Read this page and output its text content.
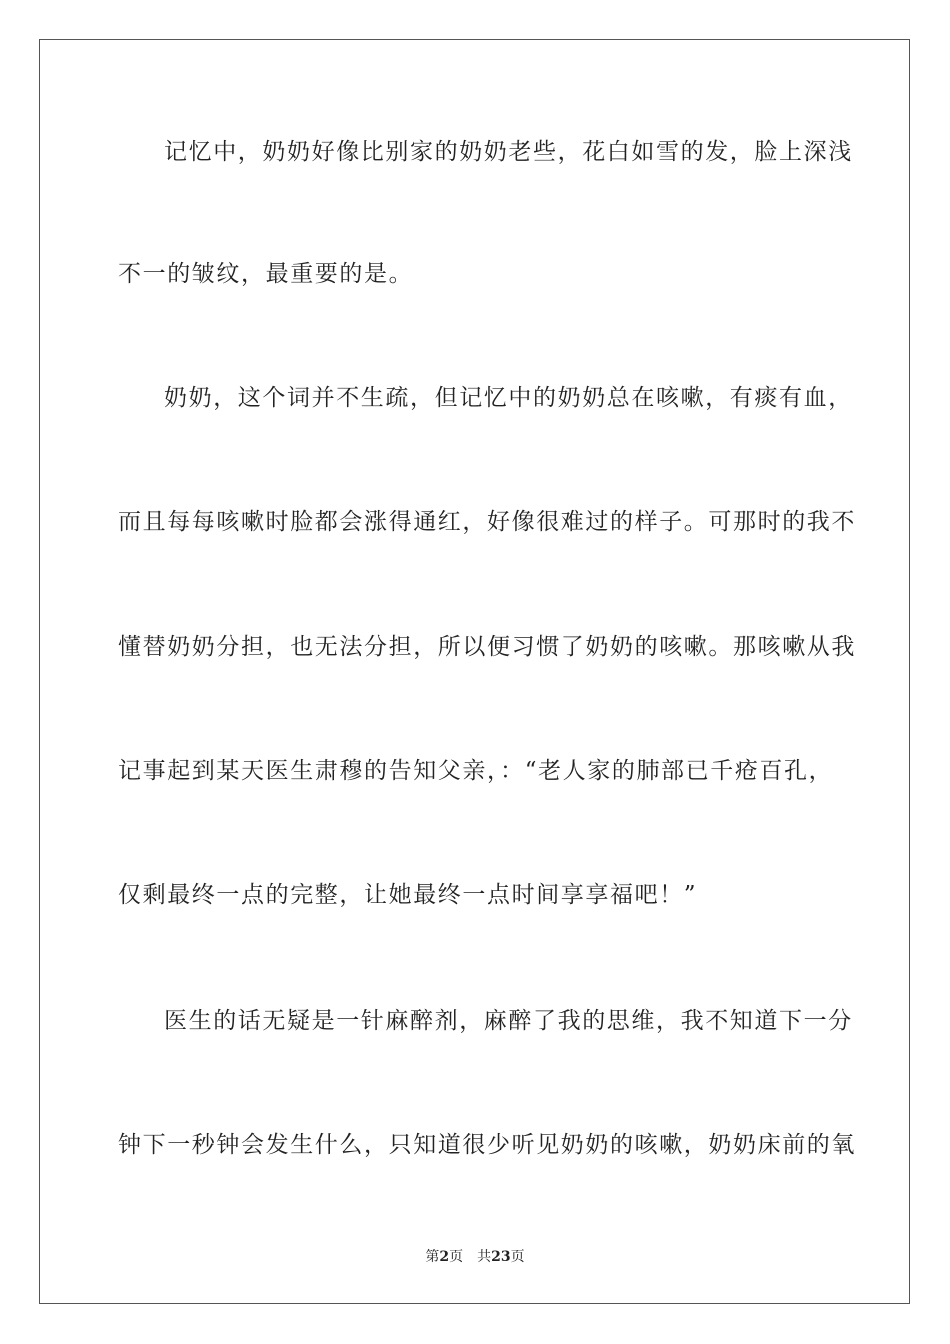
记忆中，奶奶好像比别家的奶奶老些，花白如雪的发，脸上深浅
不一的皱纹，最重要的是。
奶奶，这个词并不生疏，但记忆中的奶奶总在咳嗽，有痰有血，
而且每每咳嗽时脸都会涨得通红，好像很难过的样子。可那时的我不
懂替奶奶分担，也无法分担，所以便习惯了奶奶的咳嗽。那咳嗽从我
记事起到某天医生肃穆的告知父亲，：“老人家的肺部已千疮百孔，
仅剩最终一点的完整，让她最终一点时间享享福吧！”
医生的话无疑是一针麻醉剂，麻醉了我的思维，我不知道下一分
钟下一秒钟会发生什么，只知道很少听见奶奶的咳嗽，奶奶床前的氧
第2页 共23页
